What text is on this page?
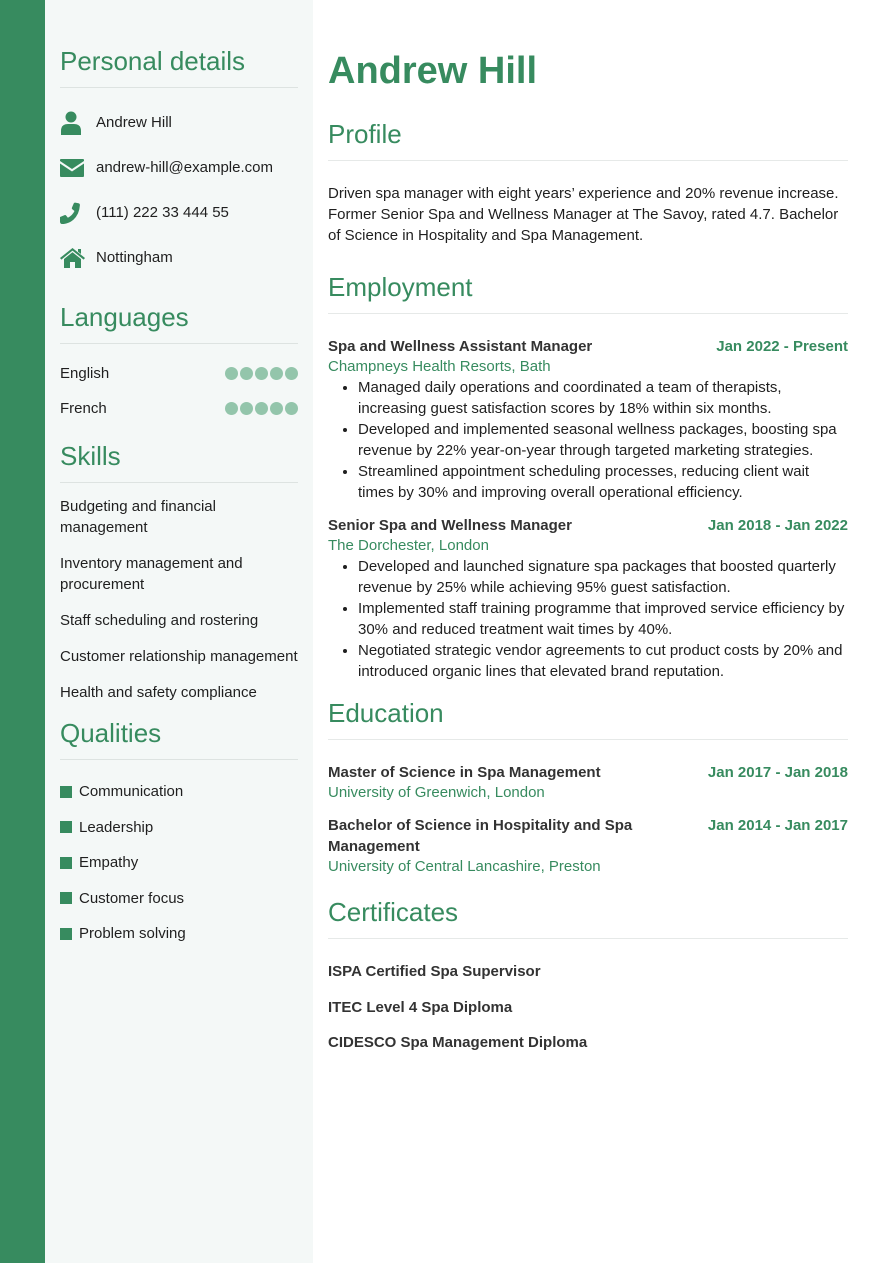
Personal details
Andrew Hill
andrew-hill@example.com
(111) 222 33 444 55
Nottingham
Languages
English
French
Skills
Budgeting and financial management
Inventory management and procurement
Staff scheduling and rostering
Customer relationship management
Health and safety compliance
Qualities
Communication
Leadership
Empathy
Customer focus
Problem solving
Andrew Hill
Profile

Driven spa manager with eight years’ experience and 20% revenue increase. Former Senior Spa and Wellness Manager at The Savoy, rated 4.7. Bachelor of Science in Hospitality and Spa Management.

Employment
Spa and Wellness Assistant Manager	Jan 2022 - Present
Champneys Health Resorts, Bath
• Managed daily operations and coordinated a team of therapists, increasing guest satisfaction scores by 18% within six months.
• Developed and implemented seasonal wellness packages, boosting spa revenue by 22% year-on-year through targeted marketing strategies.
• Streamlined appointment scheduling processes, reducing client wait times by 30% and improving overall operational efficiency.
Senior Spa and Wellness Manager	Jan 2018 - Jan 2022
The Dorchester, London
• Developed and launched signature spa packages that boosted quarterly revenue by 25% while achieving 95% guest satisfaction.
• Implemented staff training programme that improved service efficiency by 30% and reduced treatment wait times by 40%.
• Negotiated strategic vendor agreements to cut product costs by 20% and introduced organic lines that elevated brand reputation.
Education
Master of Science in Spa Management	Jan 2017 - Jan 2018
University of Greenwich, London
Bachelor of Science in Hospitality and Spa Management
Jan 2014 - Jan 2017
University of Central Lancashire, Preston
Certificates
ISPA Certified Spa Supervisor
ITEC Level 4 Spa Diploma
CIDESCO Spa Management Diploma
